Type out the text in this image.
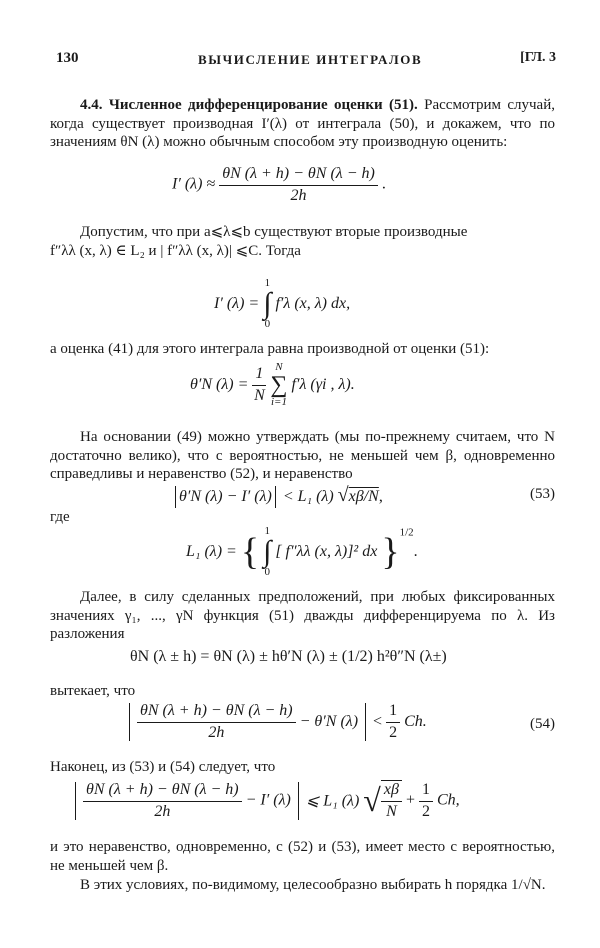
130	ВЫЧИСЛЕНИЕ ИНТЕГРАЛОВ	[ГЛ. 3
4.4. Численное дифференцирование оценки (51). Рассмотрим случай, когда существует производная I′(λ) от интеграла (50), и докажем, что по значениям θN (λ) можно обычным способом эту производную оценить:
I′ $(\lambda) \approx \frac{\theta N (\lambda + h) - \theta N (\lambda - h)}{2h}$ .
Допустим, что при a⩽λ⩽b существуют вторые производные
f″λλ (x, λ) ∈ L₂ и | f″λλ (x, λ)| ⩽C. Тогда
I′ (λ) =
1
∫
0
f′λ (x, λ) dx,
а оценка (41) для этого интеграла равна производной от оценки (51):
θ′N $(\lambda) = \frac{1}{N}$
N
∑
i=1
f′λ (γi , λ).
На основании (49) можно утверждать (мы по-прежнему считаем, что N достаточно велико), что с вероятностью, не меньшей чем β, одновременно справедливы и неравенство (52), и неравенство
θ′N (λ) − I′ (λ) < L₁ (λ) √xβ/N,	(53)
где
L₁ (λ) = { 1
∫
0
[ f″λλ (x, λ)]² dx }$^{1/2}$.
Далее, в силу сделанных предположений, при любых фиксированных значениях γ₁, ..., γN функция (51) дважды дифференцируема по λ. Из разложения
θN (λ ± h) = θN (λ) ± hθ′N (λ) ± (1/2) h²θ″N (λ±)
вытекает, что

$\frac{\theta N (\lambda + h) - \theta N (\lambda - h)}{2h} - \theta'N$ $(\lambda) < \frac{1}{2} Ch$.	(54)
Наконец, из (53) и (54) следует, что

$\frac{\theta N (\lambda + h) - \theta N (\lambda - h)}{2h} - I'$ (λ) ⩽ L₁ (λ) √ $\frac{x\beta}{N} + \frac{1}{2} Ch$,
и это неравенство, одновременно, с (52) и (53), имеет место с вероятностью, не меньшей чем β.
В этих условиях, по-видимому, целесообразно выбирать h порядка 1/√N.
